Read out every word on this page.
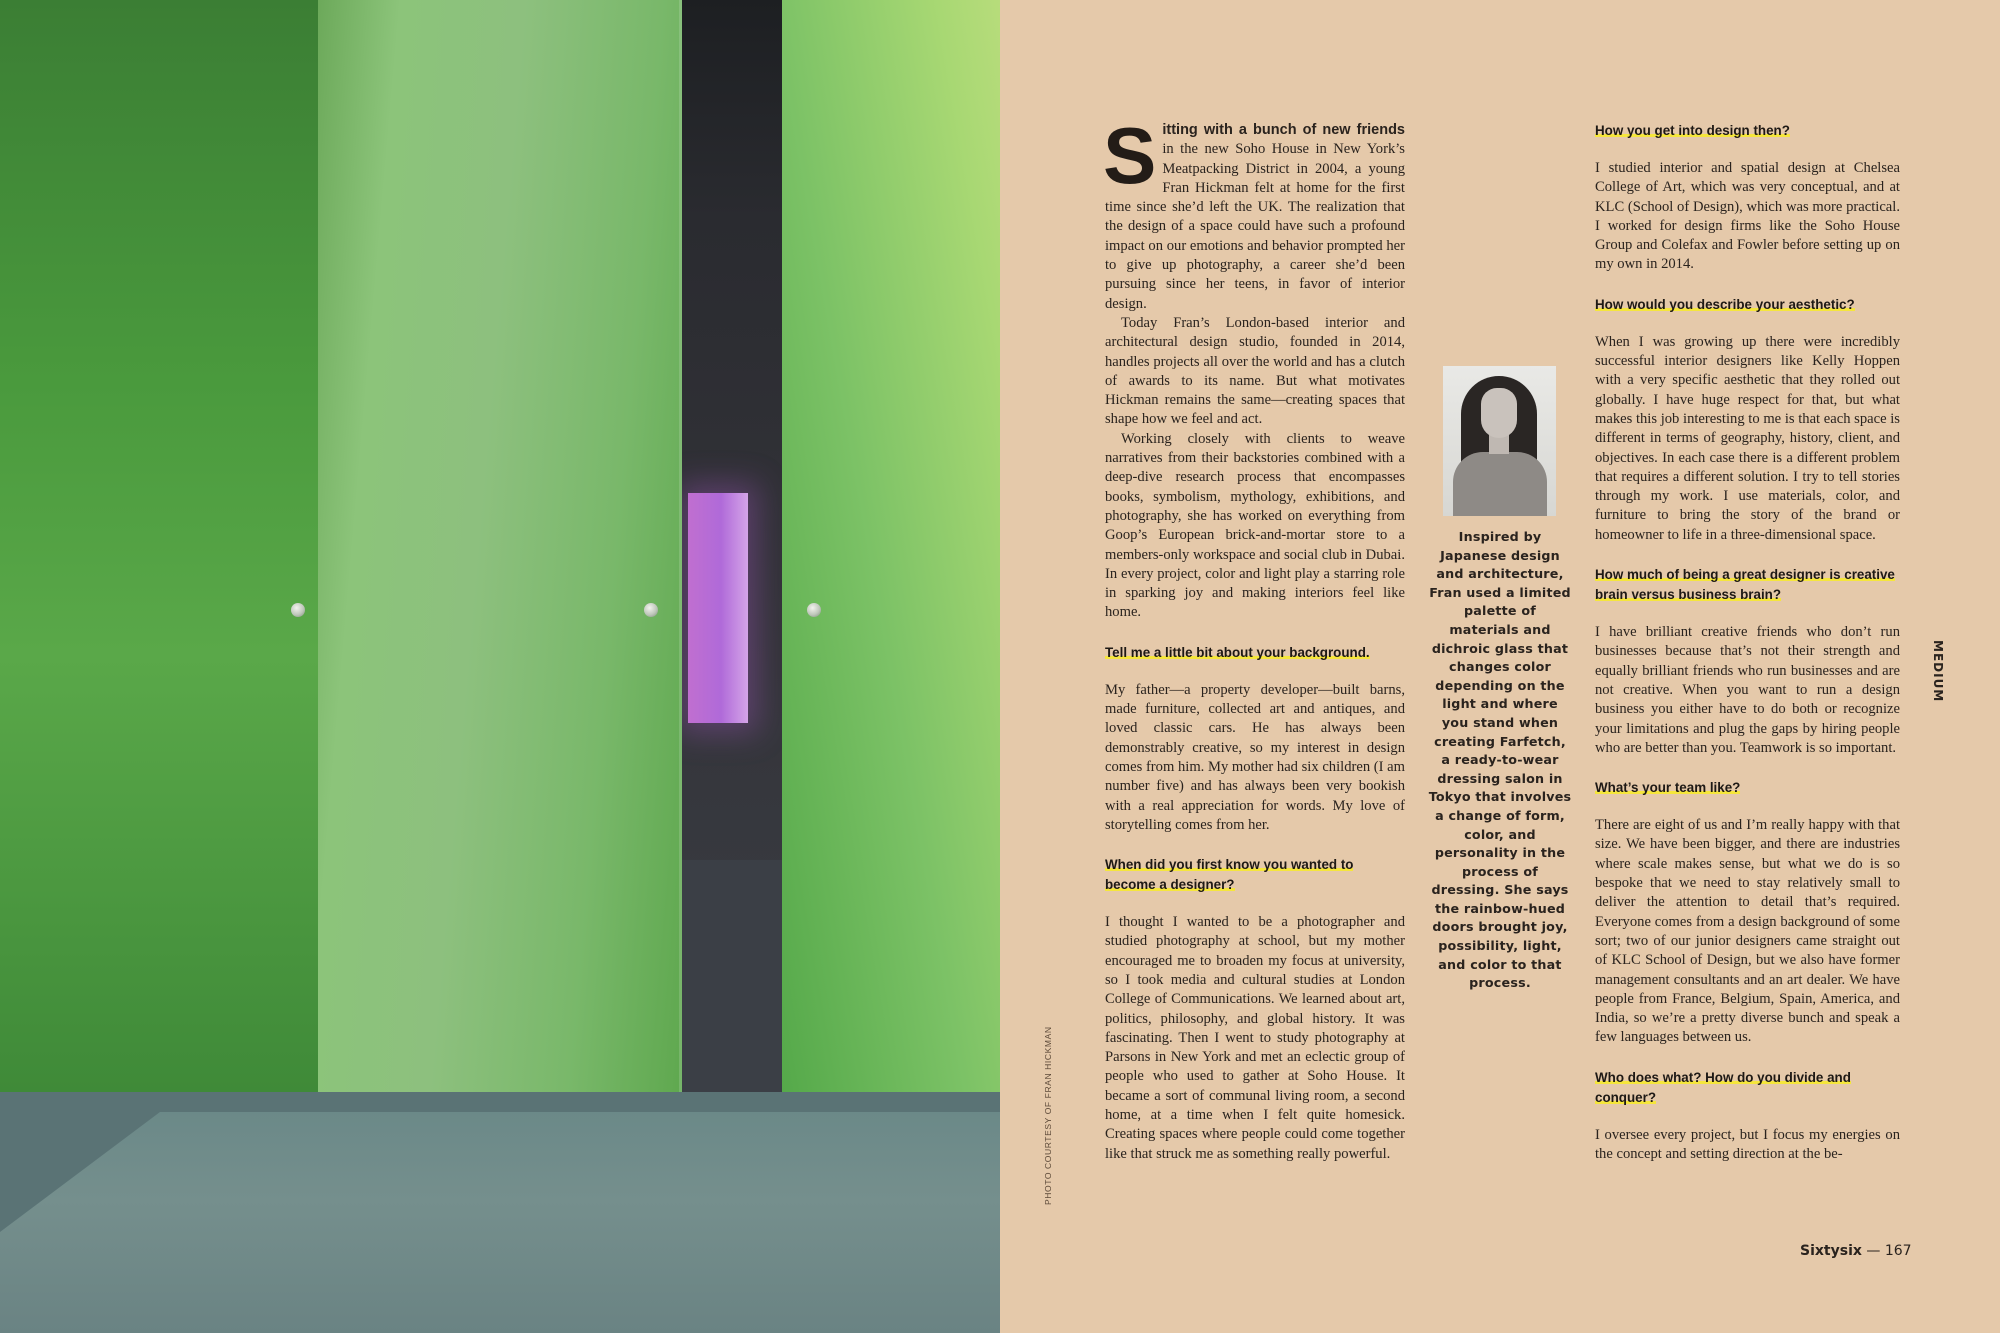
PHOTO COURTESY OF FRAN HICKMAN

Sitting with a bunch of new friends in the new Soho House in New York’s Meatpacking District in 2004, a young Fran Hickman felt at home for the first time since she’d left the UK. The realization that the design of a space could have such a profound impact on our emotions and behavior prompted her to give up photography, a career she’d been pursuing since her teens, in favor of interior design.

Today Fran’s London-based interior and architectural design studio, founded in 2014, handles projects all over the world and has a clutch of awards to its name. But what motivates Hickman remains the same—creating spaces that shape how we feel and act.

Working closely with clients to weave narratives from their backstories combined with a deep-dive research process that encompasses books, symbolism, mythology, exhibitions, and photography, she has worked on everything from Goop’s European brick-and-mortar store to a members-only workspace and social club in Dubai. In every project, color and light play a starring role in sparking joy and making interiors feel like home.

Tell me a little bit about your background.

My father—a property developer—built barns, made furniture, collected art and antiques, and loved classic cars. He has always been demonstrably creative, so my interest in design comes from him. My mother had six children (I am number five) and has always been very bookish with a real appreciation for words. My love of storytelling comes from her.

When did you first know you wanted to become a designer?

I thought I wanted to be a photographer and studied photography at school, but my mother encouraged me to broaden my focus at university, so I took media and cultural studies at London College of Communications. We learned about art, politics, philosophy, and global history. It was fascinating. Then I went to study photography at Parsons in New York and met an eclectic group of people who used to gather at Soho House. It became a sort of communal living room, a second home, at a time when I felt quite homesick. Creating spaces where people could come together like that struck me as something really powerful.

Inspired by Japanese design and architecture, Fran used a limited palette of materials and dichroic glass that changes color depending on the light and where you stand when creating Farfetch, a ready-to-wear dressing salon in Tokyo that involves a change of form, color, and personality in the process of dressing. She says the rainbow-hued doors brought joy, possibility, light, and color to that process.
How you get into design then?

I studied interior and spatial design at Chelsea College of Art, which was very conceptual, and at KLC (School of Design), which was more practical. I worked for design firms like the Soho House Group and Colefax and Fowler before setting up on my own in 2014.

How would you describe your aesthetic?

When I was growing up there were incredibly successful interior designers like Kelly Hoppen with a very specific aesthetic that they rolled out globally. I have huge respect for that, but what makes this job interesting to me is that each space is different in terms of geography, history, client, and objectives. In each case there is a different problem that requires a different solution. I try to tell stories through my work. I use materials, color, and furniture to bring the story of the brand or homeowner to life in a three-dimensional space.

How much of being a great designer is creative brain versus business brain?

I have brilliant creative friends who don’t run businesses because that’s not their strength and equally brilliant friends who run businesses and are not creative. When you want to run a design business you either have to do both or recognize your limitations and plug the gaps by hiring people who are better than you. Teamwork is so important.

What’s your team like?

There are eight of us and I’m really happy with that size. We have been bigger, and there are industries where scale makes sense, but what we do is so bespoke that we need to stay relatively small to deliver the attention to detail that’s required. Everyone comes from a design background of some sort; two of our junior designers came straight out of KLC School of Design, but we also have former management consultants and an art dealer. We have people from France, Belgium, Spain, America, and India, so we’re a pretty diverse bunch and speak a few languages between us.

Who does what? How do you divide and conquer?

I oversee every project, but I focus my energies on the concept and setting direction at the be-

MEDIUM
Sixtysix — 167
